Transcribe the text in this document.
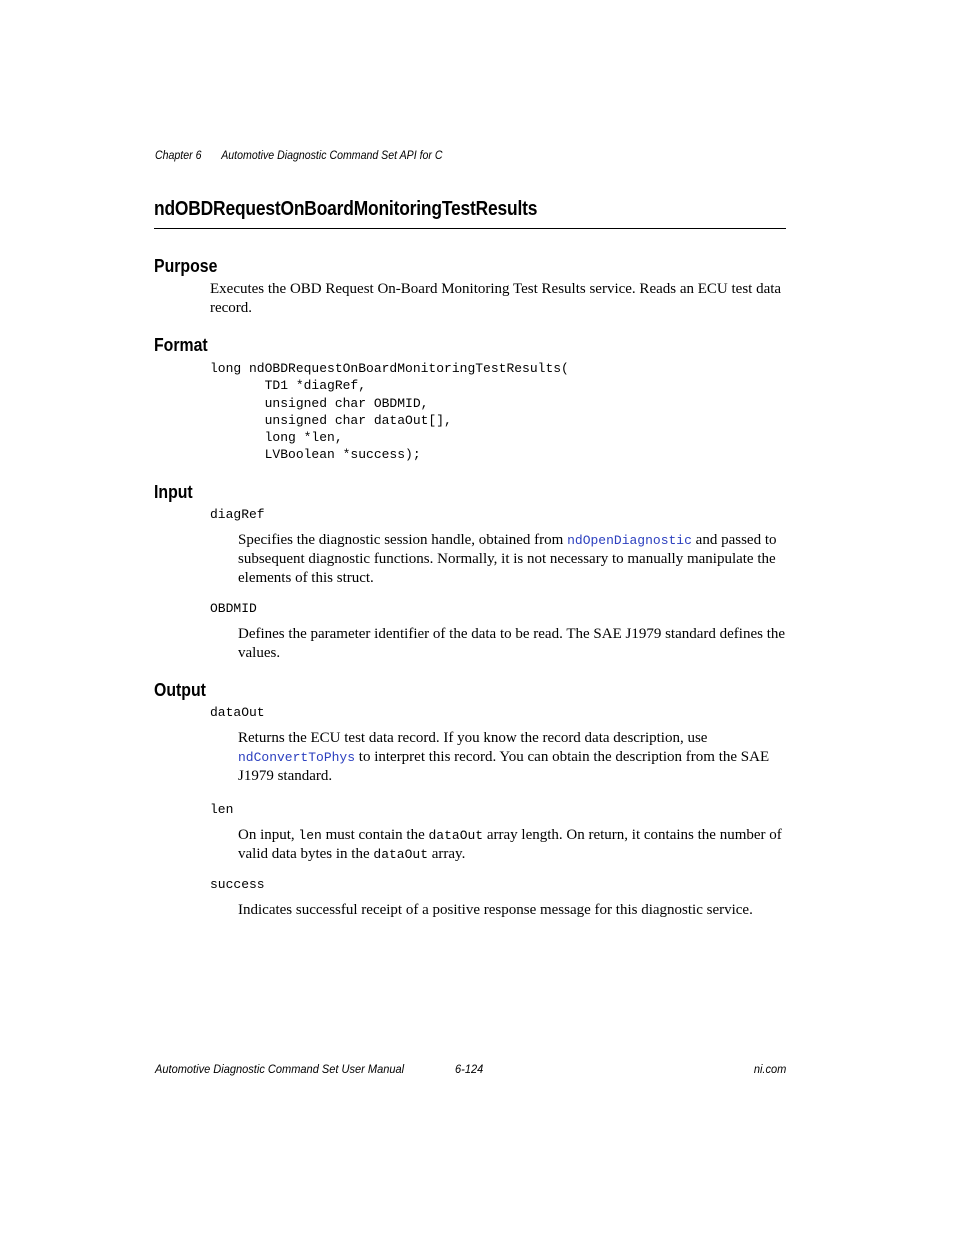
Chapter 6 Automotive Diagnostic Command Set API for C
ndOBDRequestOnBoardMonitoringTestResults
Purpose
Executes the OBD Request On-Board Monitoring Test Results service. Reads an ECU test data record.
Format
long ndOBDRequestOnBoardMonitoringTestResults(
TD1 *diagRef,
unsigned char OBDMID,
unsigned char dataOut[],
long *len,
LVBoolean *success);
Input
diagRef
Specifies the diagnostic session handle, obtained from ndOpenDiagnostic and passed to subsequent diagnostic functions. Normally, it is not necessary to manually manipulate the elements of this struct.
OBDMID
Defines the parameter identifier of the data to be read. The SAE J1979 standard defines the values.
Output
dataOut
Returns the ECU test data record. If you know the record data description, use ndConvertToPhys to interpret this record. You can obtain the description from the SAE J1979 standard.
len
On input, len must contain the dataOut array length. On return, it contains the number of valid data bytes in the dataOut array.
success
Indicates successful receipt of a positive response message for this diagnostic service.
Automotive Diagnostic Command Set User Manual	6-124	ni.com
